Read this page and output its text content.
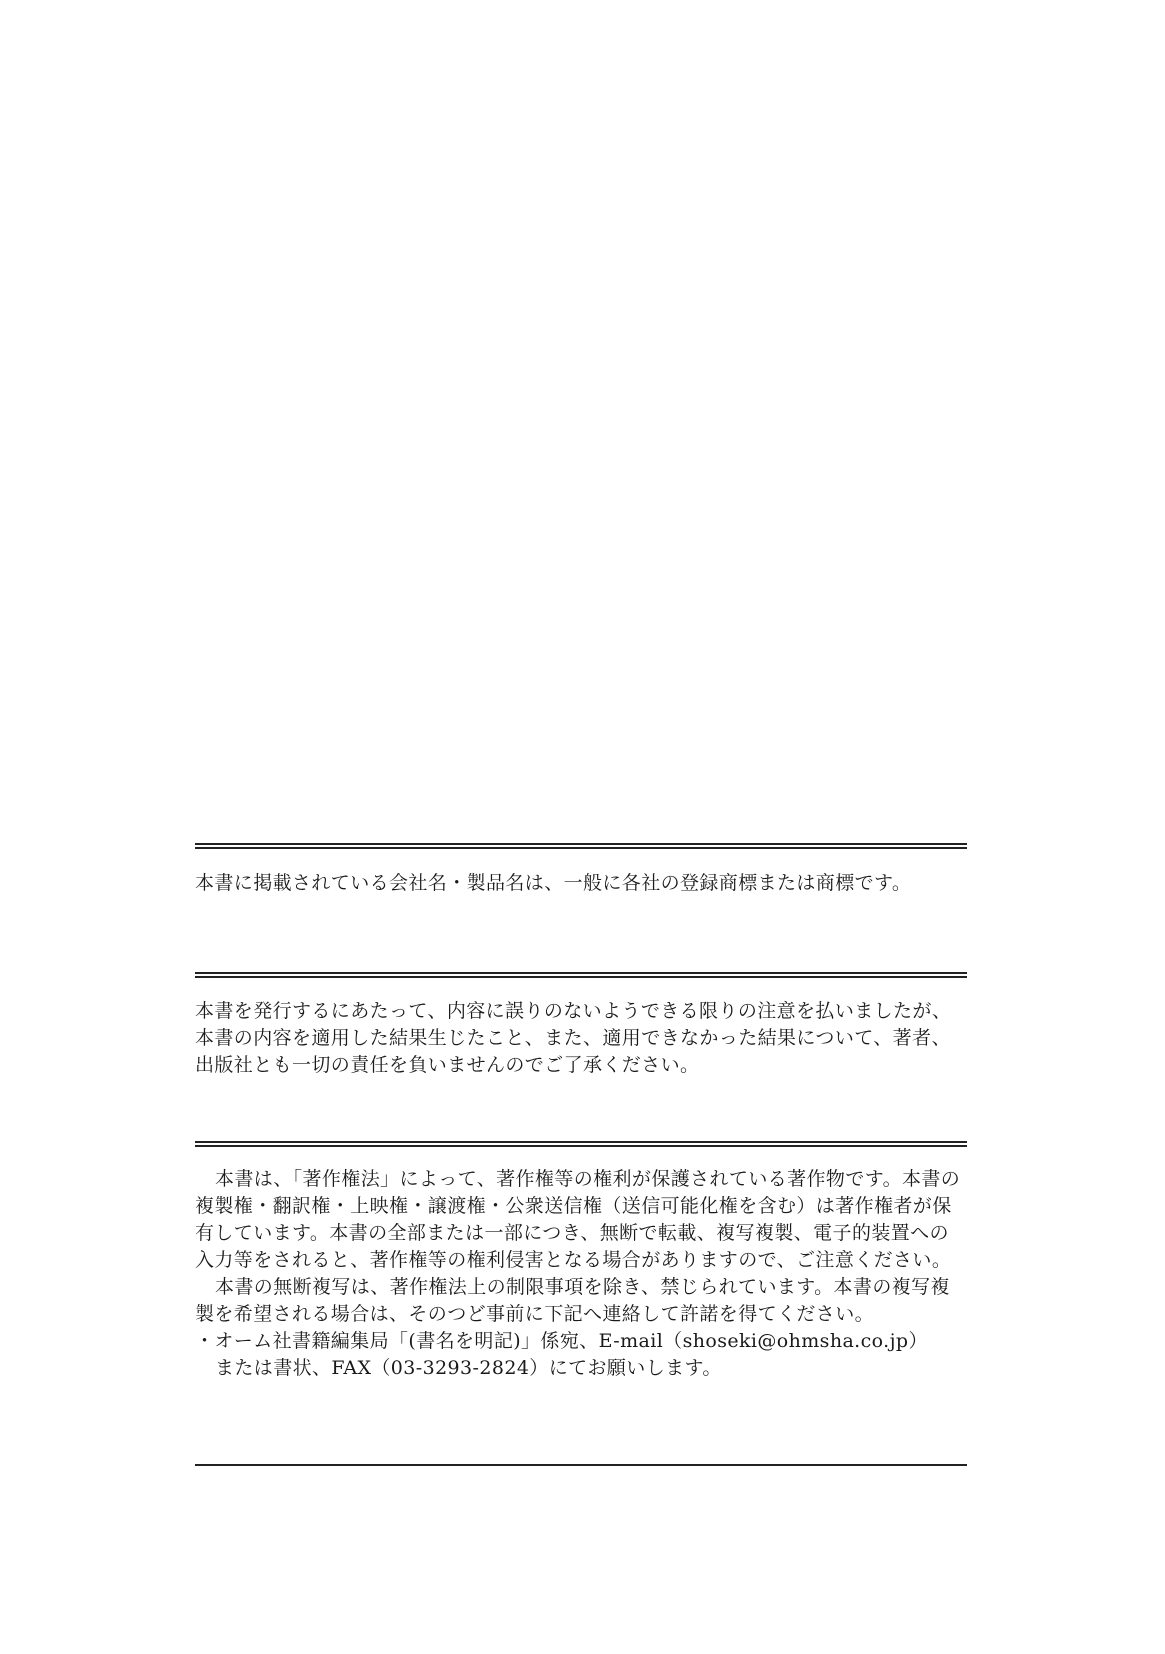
本書に掲載されている会社名・製品名は、一般に各社の登録商標または商標です。

本書を発行するにあたって、内容に誤りのないようできる限りの注意を払いましたが、

本書の内容を適用した結果生じたこと、また、適用できなかった結果について、著者、

出版社とも一切の責任を負いませんのでご了承ください。

本書は、「著作権法」によって、著作権等の権利が保護されている著作物です。本書の

複製権・翻訳権・上映権・譲渡権・公衆送信権（送信可能化権を含む）は著作権者が保

有しています。本書の全部または一部につき、無断で転載、複写複製、電子的装置への

入力等をされると、著作権等の権利侵害となる場合がありますので、ご注意ください。

本書の無断複写は、著作権法上の制限事項を除き、禁じられています。本書の複写複

製を希望される場合は、そのつど事前に下記へ連絡して許諾を得てください。

・オーム社書籍編集局「(書名を明記)」係宛、E-mail（shoseki@ohmsha.co.jp）

または書状、FAX（03-3293-2824）にてお願いします。
